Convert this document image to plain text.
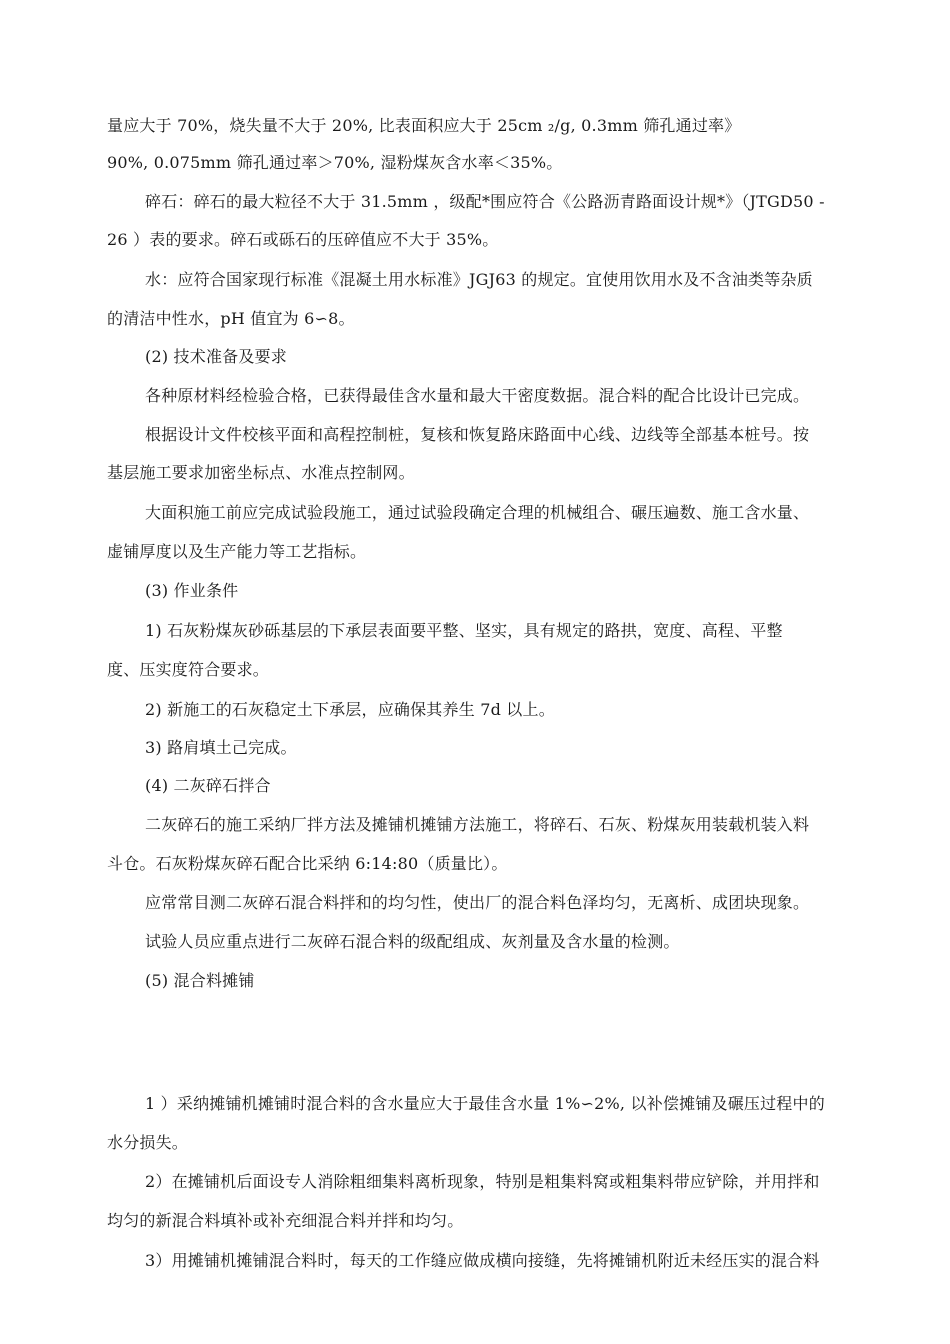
量应大于 70%，烧失量不大于 20%, 比表面积应大于 25cm ₂/g, 0.3mm 筛孔通过率》
90%, 0.075mm 筛孔通过率＞70%, 湿粉煤灰含水率＜35%。
碎石：碎石的最大粒径不大于 31.5mm ，级配*围应符合《公路沥青路面设计规*》（JTGD50 -
26 ）表的要求。碎石或砾石的压碎值应不大于 35%。
水：应符合国家现行标准《混凝土用水标准》JGJ63 的规定。宜使用饮用水及不含油类等杂质
的清洁中性水，pH 值宜为 6∽8。
(2) 技术准备及要求
各种原材料经检验合格，已获得最佳含水量和最大干密度数据。混合料的配合比设计已完成。
根据设计文件校核平面和高程控制桩，复核和恢复路床路面中心线、边线等全部基本桩号。按
基层施工要求加密坐标点、水准点控制网。
大面积施工前应完成试验段施工，通过试验段确定合理的机械组合、碾压遍数、施工含水量、
虚铺厚度以及生产能力等工艺指标。
(3) 作业条件
1) 石灰粉煤灰砂砾基层的下承层表面要平整、坚实，具有规定的路拱，宽度、高程、平整
度、压实度符合要求。
2) 新施工的石灰稳定土下承层，应确保其养生 7d 以上。
3) 路肩填土己完成。
(4) 二灰碎石拌合
二灰碎石的施工采纳厂拌方法及摊铺机摊铺方法施工，将碎石、石灰、粉煤灰用装载机装入料
斗仓。石灰粉煤灰碎石配合比采纳 6:14:80（质量比）。
应常常目测二灰碎石混合料拌和的均匀性，使出厂的混合料色泽均匀，无离析、成团块现象。
试验人员应重点进行二灰碎石混合料的级配组成、灰剂量及含水量的检测。
(5) 混合料摊铺
1 ）采纳摊铺机摊铺时混合料的含水量应大于最佳含水量 1%∽2%, 以补偿摊铺及碾压过程中的
水分损失。
2）在摊铺机后面设专人消除粗细集料离析现象，特别是粗集料窝或粗集料带应铲除，并用拌和
均匀的新混合料填补或补充细混合料并拌和均匀。
3）用摊铺机摊铺混合料时，每天的工作缝应做成横向接缝，先将摊铺机附近未经压实的混合料
